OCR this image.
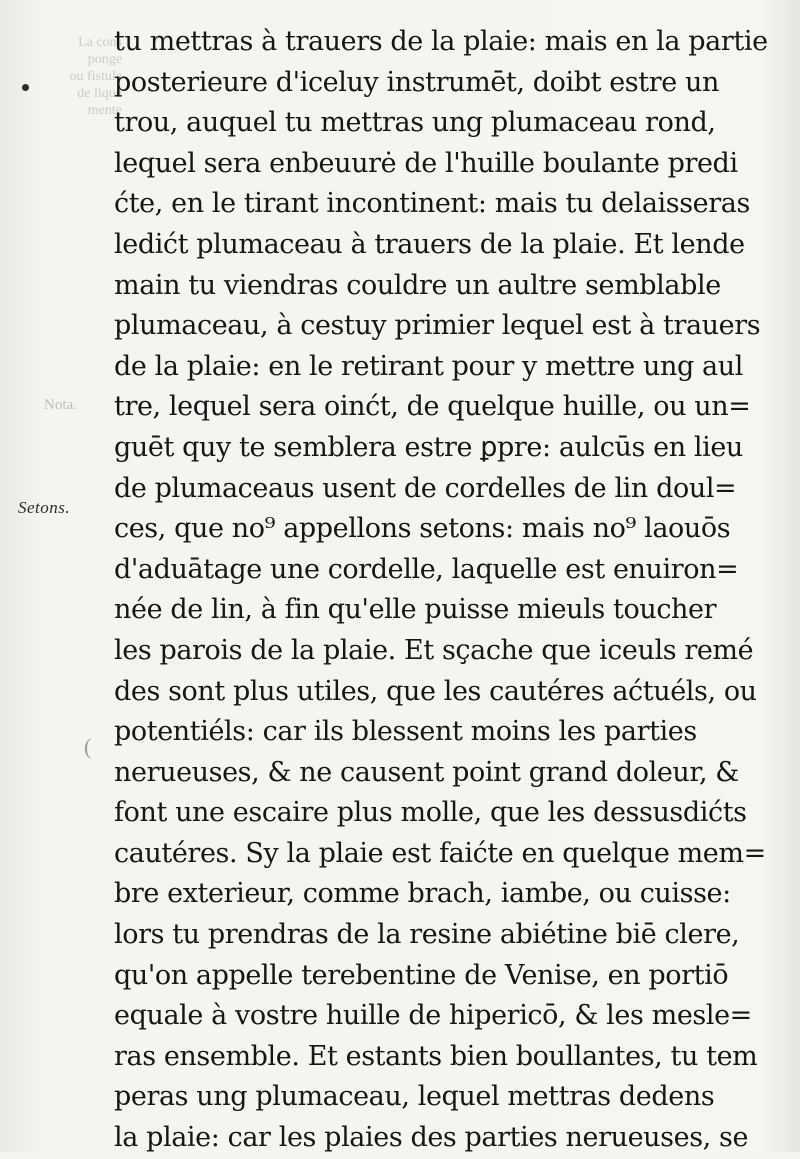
La cons
ponge
ou fistule
de lique
mente
Nota.
(
Setons.
tu mettras à trauers de la plaie: mais en la partie
posterieure d'iceluy instrumēt, doibt estre un
trou, auquel tu mettras ung plumaceau rond,
lequel sera enbeuurė de l'huille boulante predi
ćte, en le tirant incontinent: mais tu delaisseras
ledićt plumaceau à trauers de la plaie. Et lende
main tu viendras couldre un aultre semblable
plumaceau, à cestuy primier lequel est à trauers
de la plaie: en le retirant pour y mettre ung aul
tre, lequel sera oinćt, de quelque huille, ou un=
guēt quy te semblera estre ꝑpre: aulcūs en lieu
de plumaceaus usent de cordelles de lin doul=
ces, que no⁹ appellons setons: mais no⁹ laouōs
d'aduātage une cordelle, laquelle est enuiron=
née de lin, à fin qu'elle puisse mieuls toucher
les parois de la plaie. Et sçache que iceuls remé
des sont plus utiles, que les cautéres aćtuéls, ou
potentiéls: car ils blessent moins les parties
nerueuses, & ne causent point grand doleur, &
font une escaire plus molle, que les dessusdićts
cautéres. Sy la plaie est faićte en quelque mem=
bre exterieur, comme brach, iambe, ou cuisse:
lors tu prendras de la resine abiétine biē clere,
qu'on appelle terebentine de Venise, en portiō
equale à vostre huille de hipericō, & les mesle=
ras ensemble. Et estants bien boullantes, tu tem
peras ung plumaceau, lequel mettras dedens
la plaie: car les plaies des parties nerueuses, se
